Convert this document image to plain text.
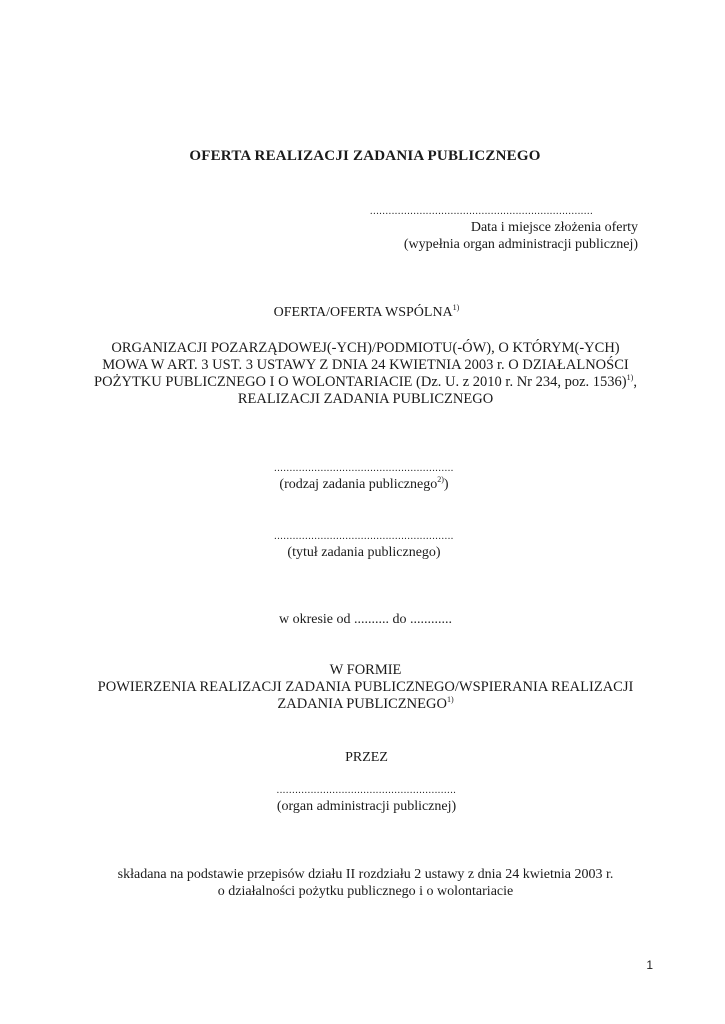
OFERTA REALIZACJI ZADANIA PUBLICZNEGO
........................................................................
Data i miejsce złożenia oferty
(wypełnia organ administracji publicznej)
OFERTA/OFERTA WSPÓLNA$^{1)}$
ORGANIZACJI POZARZĄDOWEJ(-YCH)/PODMIOTU(-ÓW), O KTÓRYM(-YCH)
MOWA W ART. 3 UST. 3 USTAWY Z DNIA 24 KWIETNIA 2003 r. O DZIAŁALNOŚCI
POŻYTKU PUBLICZNEGO I O WOLONTARIACIE (Dz. U. z 2010 r. Nr 234, poz. 1536)$^{1)}$,
REALIZACJI ZADANIA PUBLICZNEGO
..........................................................
(rodzaj zadania publicznego$^{2)}$)
..........................................................
(tytuł zadania publicznego)
w okresie od .......... do ............
W FORMIE
POWIERZENIA REALIZACJI ZADANIA PUBLICZNEGO/WSPIERANIA REALIZACJI
ZADANIA PUBLICZNEGO$^{1)}$
PRZEZ
..........................................................
(organ administracji publicznej)
składana na podstawie przepisów działu II rozdziału 2 ustawy z dnia 24 kwietnia 2003 r.
o działalności pożytku publicznego i o wolontariacie
1
